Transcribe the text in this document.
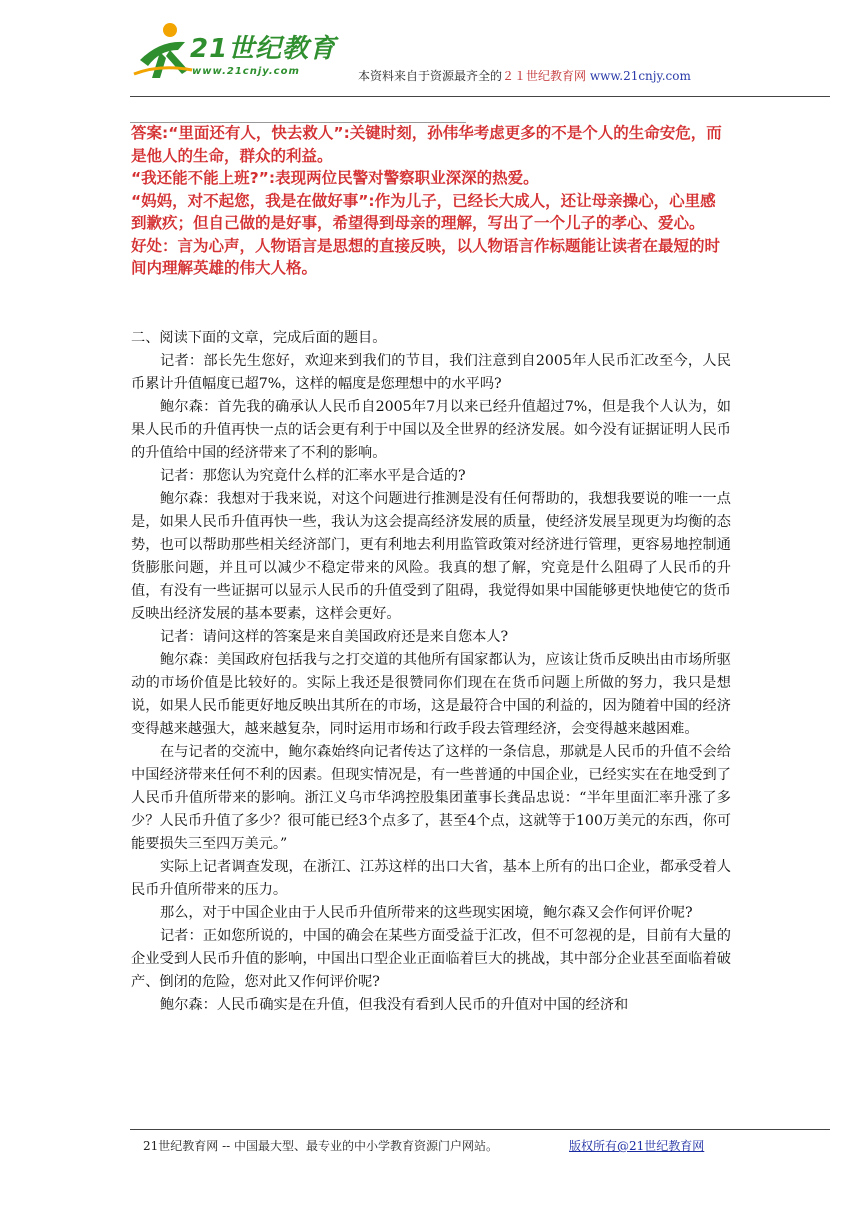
21世纪教育
www.21cnjy.com	本资料来自于资源最齐全的２１世纪教育网 www.21cnjy.com

答案:“里面还有人，快去救人”:关键时刻，孙伟华考虑更多的不是个人的生命安危，而是他人的生命，群众的利益。

“我还能不能上班?”:表现两位民警对警察职业深深的热爱。

“妈妈，对不起您，我是在做好事”:作为儿子，已经长大成人，还让母亲操心，心里感到歉疚；但自己做的是好事，希望得到母亲的理解，写出了一个儿子的孝心、爱心。

好处：言为心声，人物语言是思想的直接反映，以人物语言作标题能让读者在最短的时间内理解英雄的伟大人格。

二、阅读下面的文章，完成后面的题目。

记者：部长先生您好，欢迎来到我们的节目，我们注意到自2005年人民币汇改至今，人民币累计升值幅度已超7%，这样的幅度是您理想中的水平吗?

鲍尔森：首先我的确承认人民币自2005年7月以来已经升值超过7%，但是我个人认为，如果人民币的升值再快一点的话会更有利于中国以及全世界的经济发展。如今没有证据证明人民币的升值给中国的经济带来了不利的影响。

记者：那您认为究竟什么样的汇率水平是合适的?

鲍尔森：我想对于我来说，对这个问题进行推测是没有任何帮助的，我想我要说的唯一一点是，如果人民币升值再快一些，我认为这会提高经济发展的质量，使经济发展呈现更为均衡的态势，也可以帮助那些相关经济部门，更有利地去利用监管政策对经济进行管理，更容易地控制通货膨胀问题，并且可以减少不稳定带来的风险。我真的想了解，究竟是什么阻碍了人民币的升值，有没有一些证据可以显示人民币的升值受到了阻碍，我觉得如果中国能够更快地使它的货币反映出经济发展的基本要素，这样会更好。

记者：请问这样的答案是来自美国政府还是来自您本人?

鲍尔森：美国政府包括我与之打交道的其他所有国家都认为，应该让货币反映出由市场所驱动的市场价值是比较好的。实际上我还是很赞同你们现在在货币问题上所做的努力，我只是想说，如果人民币能更好地反映出其所在的市场，这是最符合中国的利益的，因为随着中国的经济变得越来越强大，越来越复杂，同时运用市场和行政手段去管理经济，会变得越来越困难。

在与记者的交流中，鲍尔森始终向记者传达了这样的一条信息，那就是人民币的升值不会给中国经济带来任何不利的因素。但现实情况是，有一些普通的中国企业，已经实实在在地受到了人民币升值所带来的影响。浙江义乌市华鸿控股集团董事长龚品忠说：“半年里面汇率升涨了多少？人民币升值了多少？很可能已经3个点多了，甚至4个点，这就等于100万美元的东西，你可能要损失三至四万美元。”

实际上记者调查发现，在浙江、江苏这样的出口大省，基本上所有的出口企业，都承受着人民币升值所带来的压力。

那么，对于中国企业由于人民币升值所带来的这些现实困境，鲍尔森又会作何评价呢?

记者：正如您所说的，中国的确会在某些方面受益于汇改，但不可忽视的是，目前有大量的企业受到人民币升值的影响，中国出口型企业正面临着巨大的挑战，其中部分企业甚至面临着破产、倒闭的危险，您对此又作何评价呢?

鲍尔森：人民币确实是在升值，但我没有看到人民币的升值对中国的经济和

21世纪教育网 -- 中国最大型、最专业的中小学教育资源门户网站。	版权所有@21世纪教育网
